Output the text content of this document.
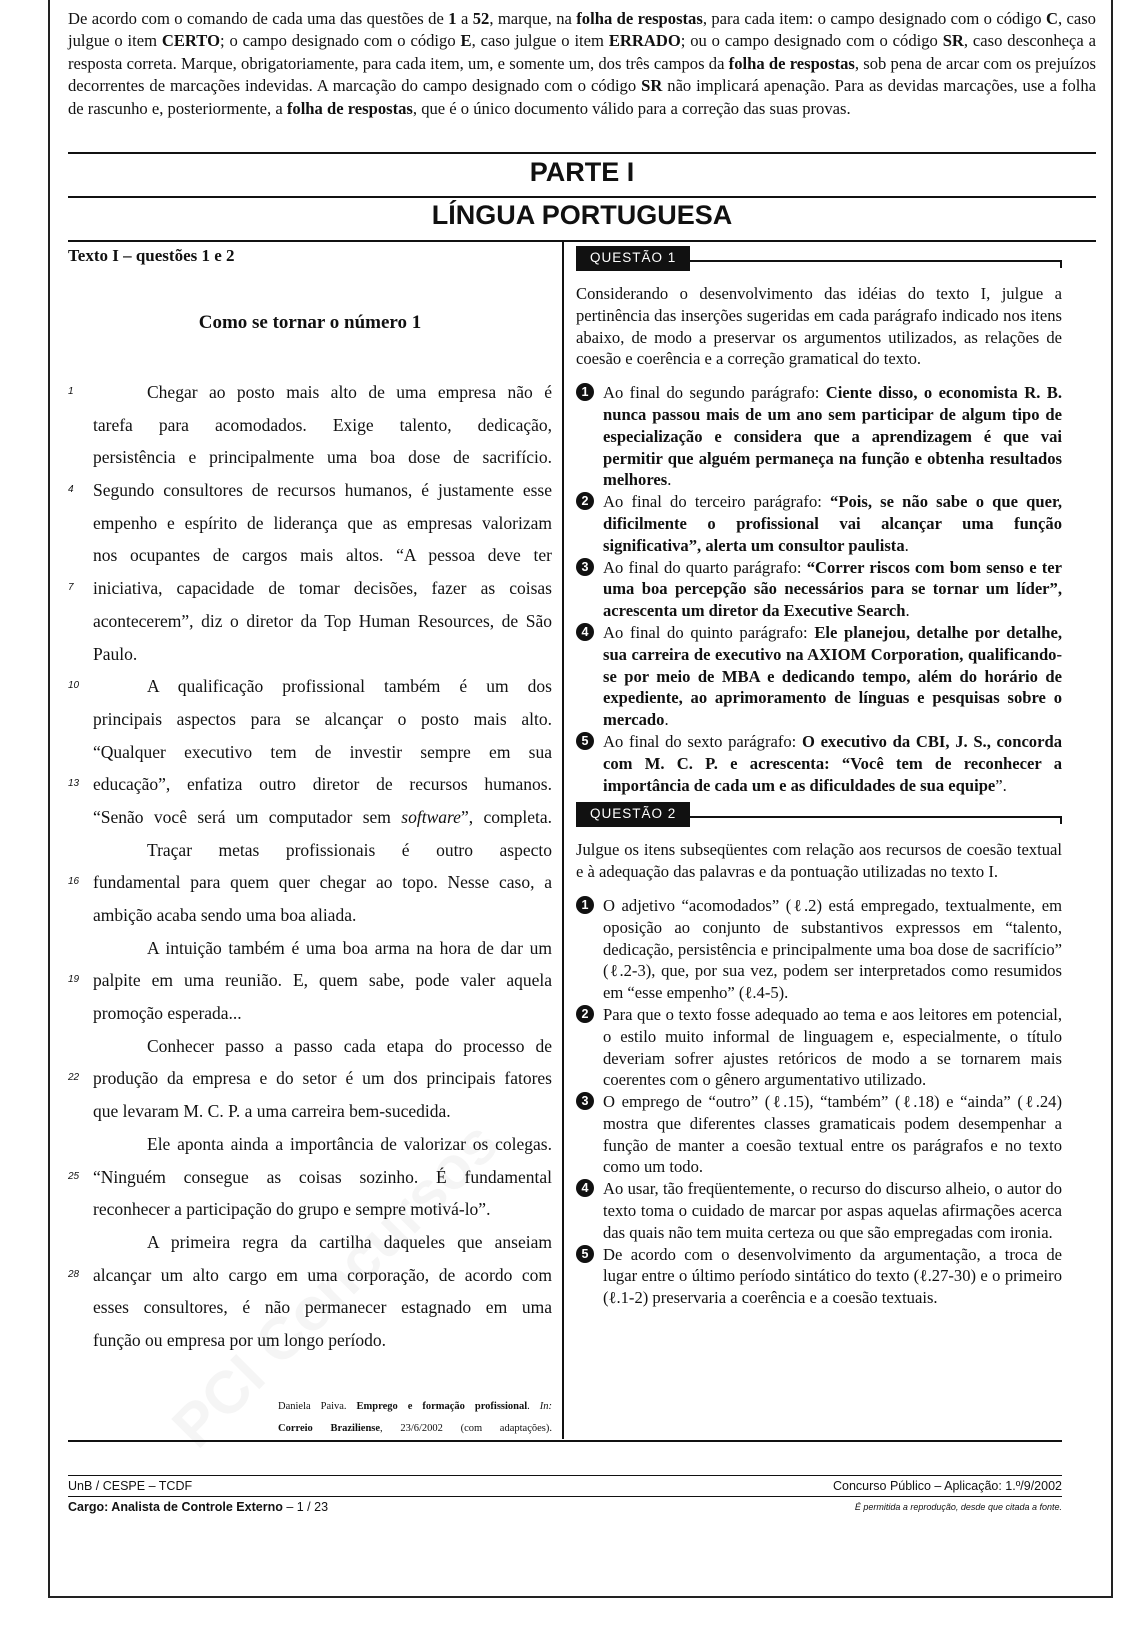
De acordo com o comando de cada uma das questões de 1 a 52, marque, na folha de respostas, para cada item: o campo designado com o código C, caso julgue o item CERTO; o campo designado com o código E, caso julgue o item ERRADO; ou o campo designado com o código SR, caso desconheça a resposta correta. Marque, obrigatoriamente, para cada item, um, e somente um, dos três campos da folha de respostas, sob pena de arcar com os prejuízos decorrentes de marcações indevidas. A marcação do campo designado com o código SR não implicará apenação. Para as devidas marcações, use a folha de rascunho e, posteriormente, a folha de respostas, que é o único documento válido para a correção das suas provas.
PARTE I
LÍNGUA PORTUGUESA
Texto I – questões 1 e 2
Como se tornar o número 1
1	Chegar ao posto mais alto de uma empresa não é
tarefa para acomodados. Exige talento, dedicação,
persistência e principalmente uma boa dose de sacrifício.
4 Segundo consultores de recursos humanos, é justamente esse
empenho e espírito de liderança que as empresas valorizam
nos ocupantes de cargos mais altos. “A pessoa deve ter
7 iniciativa, capacidade de tomar decisões, fazer as coisas
acontecerem”, diz o diretor da Top Human Resources, de São
Paulo.
10	A qualificação profissional também é um dos
principais aspectos para se alcançar o posto mais alto.
“Qualquer executivo tem de investir sempre em sua
13 educação”, enfatiza outro diretor de recursos humanos.
“Senão você será um computador sem software”, completa.
Traçar metas profissionais é outro aspecto
16 fundamental para quem quer chegar ao topo. Nesse caso, a
ambição acaba sendo uma boa aliada.
A intuição também é uma boa arma na hora de dar um
19 palpite em uma reunião. E, quem sabe, pode valer aquela
promoção esperada...
Conhecer passo a passo cada etapa do processo de
22 produção da empresa e do setor é um dos principais fatores
que levaram M. C. P. a uma carreira bem-sucedida.
Ele aponta ainda a importância de valorizar os colegas.
25 “Ninguém consegue as coisas sozinho. É fundamental
reconhecer a participação do grupo e sempre motivá-lo”.
A primeira regra da cartilha daqueles que anseiam
28 alcançar um alto cargo em uma corporação, de acordo com
esses consultores, é não permanecer estagnado em uma
função ou empresa por um longo período.
Daniela Paiva. Emprego e formação profissional. In:
Correio Braziliense, 23/6/2002 (com adaptações).
QUESTÃO 1
Considerando o desenvolvimento das idéias do texto I, julgue a pertinência das inserções sugeridas em cada parágrafo indicado nos itens abaixo, de modo a preservar os argumentos utilizados, as relações de coesão e coerência e a correção gramatical do texto.
1 Ao final do segundo parágrafo: Ciente disso, o economista R. B. nunca passou mais de um ano sem participar de algum tipo de especialização e considera que a aprendizagem é que vai permitir que alguém permaneça na função e obtenha resultados melhores.
2 Ao final do terceiro parágrafo: “Pois, se não sabe o que quer, dificilmente o profissional vai alcançar uma função significativa”, alerta um consultor paulista.
3 Ao final do quarto parágrafo: “Correr riscos com bom senso e ter uma boa percepção são necessários para se tornar um líder”, acrescenta um diretor da Executive Search.
4 Ao final do quinto parágrafo: Ele planejou, detalhe por detalhe, sua carreira de executivo na AXIOM Corporation, qualificando-se por meio de MBA e dedicando tempo, além do horário de expediente, ao aprimoramento de línguas e pesquisas sobre o mercado.
5 Ao final do sexto parágrafo: O executivo da CBI, J. S., concorda com M. C. P. e acrescenta: “Você tem de reconhecer a importância de cada um e as dificuldades de sua equipe”.
QUESTÃO 2
Julgue os itens subseqüentes com relação aos recursos de coesão textual e à adequação das palavras e da pontuação utilizadas no texto I.
1 O adjetivo “acomodados” (ℓ.2) está empregado, textualmente, em oposição ao conjunto de substantivos expressos em “talento, dedicação, persistência e principalmente uma boa dose de sacrifício” (ℓ.2-3), que, por sua vez, podem ser interpretados como resumidos em “esse empenho” (ℓ.4-5).
2 Para que o texto fosse adequado ao tema e aos leitores em potencial, o estilo muito informal de linguagem e, especialmente, o título deveriam sofrer ajustes retóricos de modo a se tornarem mais coerentes com o gênero argumentativo utilizado.
3 O emprego de “outro” (ℓ.15), “também” (ℓ.18) e “ainda” (ℓ.24) mostra que diferentes classes gramaticais podem desempenhar a função de manter a coesão textual entre os parágrafos e no texto como um todo.
4 Ao usar, tão freqüentemente, o recurso do discurso alheio, o autor do texto toma o cuidado de marcar por aspas aquelas afirmações acerca das quais não tem muita certeza ou que são empregadas com ironia.
5 De acordo com o desenvolvimento da argumentação, a troca de lugar entre o último período sintático do texto (ℓ.27-30) e o primeiro (ℓ.1-2) preservaria a coerência e a coesão textuais.
UnB / CESPE – TCDF	Concurso Público – Aplicação: 1.º/9/2002
Cargo: Analista de Controle Externo – 1 / 23	É permitida a reprodução, desde que citada a fonte.
